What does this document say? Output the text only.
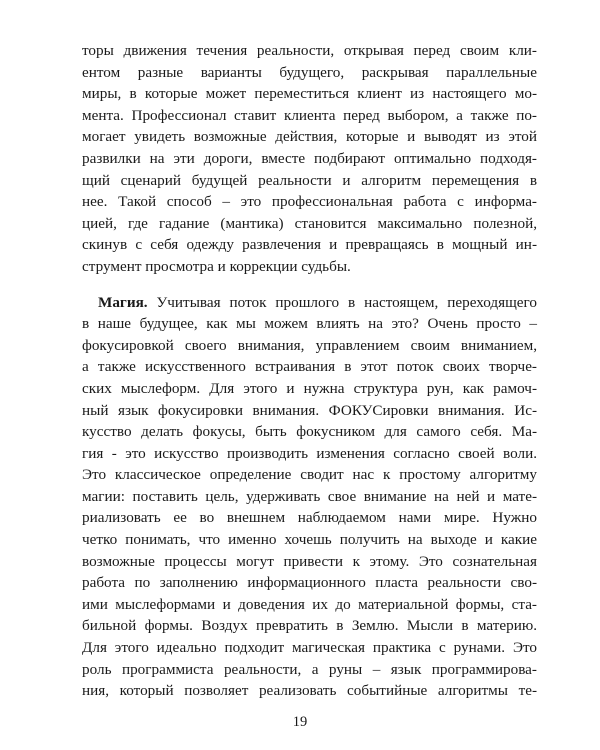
торы движения течения реальности, открывая перед своим кли-
ентом разные варианты будущего, раскрывая параллельные
миры, в которые может переместиться клиент из настоящего мо-
мента. Профессионал ставит клиента перед выбором, а также по-
могает увидеть возможные действия, которые и выводят из этой
развилки на эти дороги, вместе подбирают оптимально подходя-
щий сценарий будущей реальности и алгоритм перемещения в
нее. Такой способ – это профессиональная работа с информа-
цией, где гадание (мантика) становится максимально полезной,
скинув с себя одежду развлечения и превращаясь в мощный ин-
струмент просмотра и коррекции судьбы.
Магия. Учитывая поток прошлого в настоящем, переходящего
в наше будущее, как мы можем влиять на это? Очень просто –
фокусировкой своего внимания, управлением своим вниманием,
а также искусственного встраивания в этот поток своих творче-
ских мыслеформ. Для этого и нужна структура рун, как рамоч-
ный язык фокусировки внимания. ФОКУСировки внимания. Ис-
кусство делать фокусы, быть фокусником для самого себя. Ма-
гия - это искусство производить изменения согласно своей воли.
Это классическое определение сводит нас к простому алгоритму
магии: поставить цель, удерживать свое внимание на ней и мате-
риализовать ее во внешнем наблюдаемом нами мире. Нужно
четко понимать, что именно хочешь получить на выходе и какие
возможные процессы могут привести к этому. Это сознательная
работа по заполнению информационного пласта реальности сво-
ими мыслеформами и доведения их до материальной формы, ста-
бильной формы. Воздух превратить в Землю. Мысли в материю.
Для этого идеально подходит магическая практика с рунами. Это
роль программиста реальности, а руны – язык программирова-
ния, который позволяет реализовать событийные алгоритмы те-
19
